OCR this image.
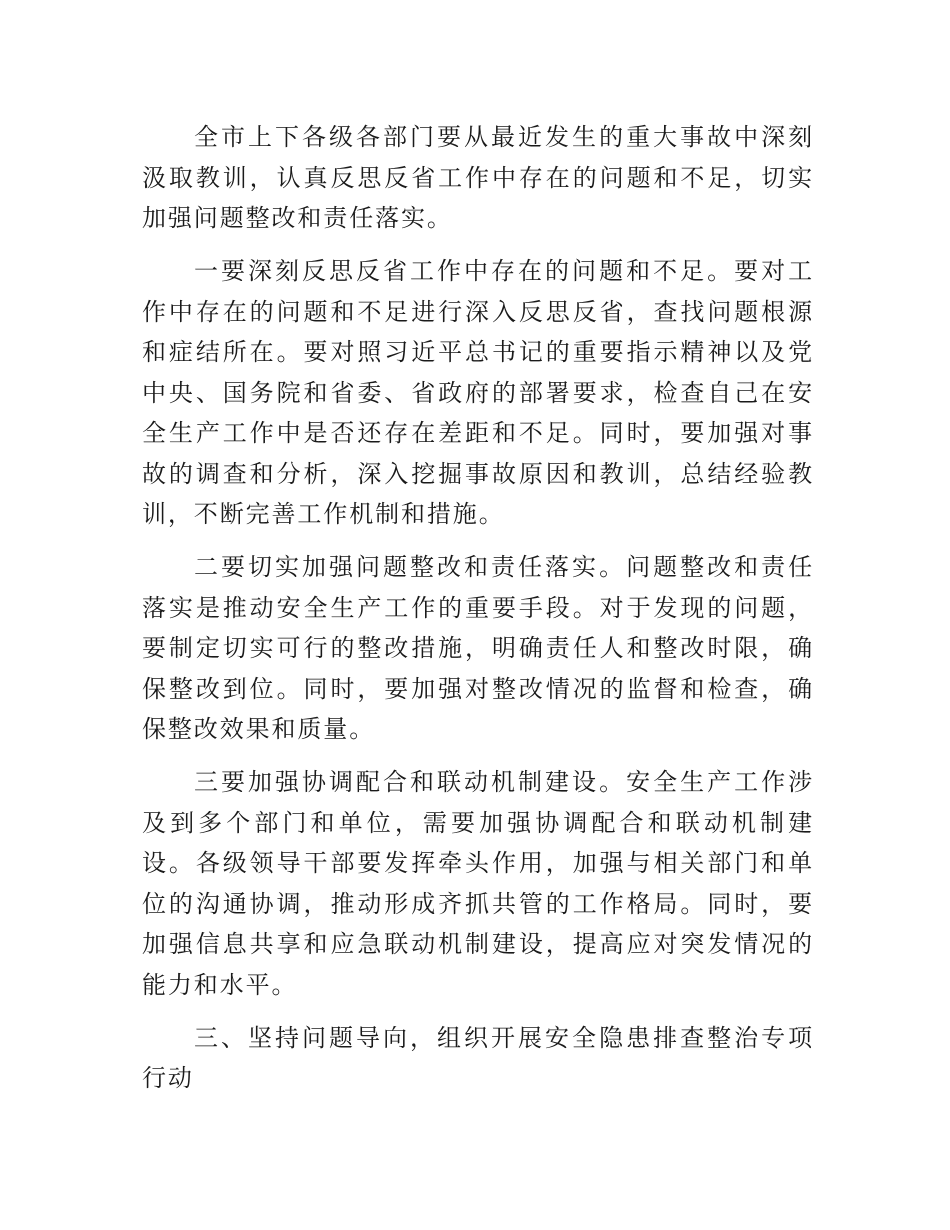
全市上下各级各部门要从最近发生的重大事故中深刻汲取教训，认真反思反省工作中存在的问题和不足，切实加强问题整改和责任落实。

一要深刻反思反省工作中存在的问题和不足。要对工作中存在的问题和不足进行深入反思反省，查找问题根源和症结所在。要对照习近平总书记的重要指示精神以及党中央、国务院和省委、省政府的部署要求，检查自己在安全生产工作中是否还存在差距和不足。同时，要加强对事故的调查和分析，深入挖掘事故原因和教训，总结经验教训，不断完善工作机制和措施。

二要切实加强问题整改和责任落实。问题整改和责任落实是推动安全生产工作的重要手段。对于发现的问题，要制定切实可行的整改措施，明确责任人和整改时限，确保整改到位。同时，要加强对整改情况的监督和检查，确保整改效果和质量。

三要加强协调配合和联动机制建设。安全生产工作涉及到多个部门和单位，需要加强协调配合和联动机制建设。各级领导干部要发挥牵头作用，加强与相关部门和单位的沟通协调，推动形成齐抓共管的工作格局。同时，要加强信息共享和应急联动机制建设，提高应对突发情况的能力和水平。

三、坚持问题导向，组织开展安全隐患排查整治专项行动
